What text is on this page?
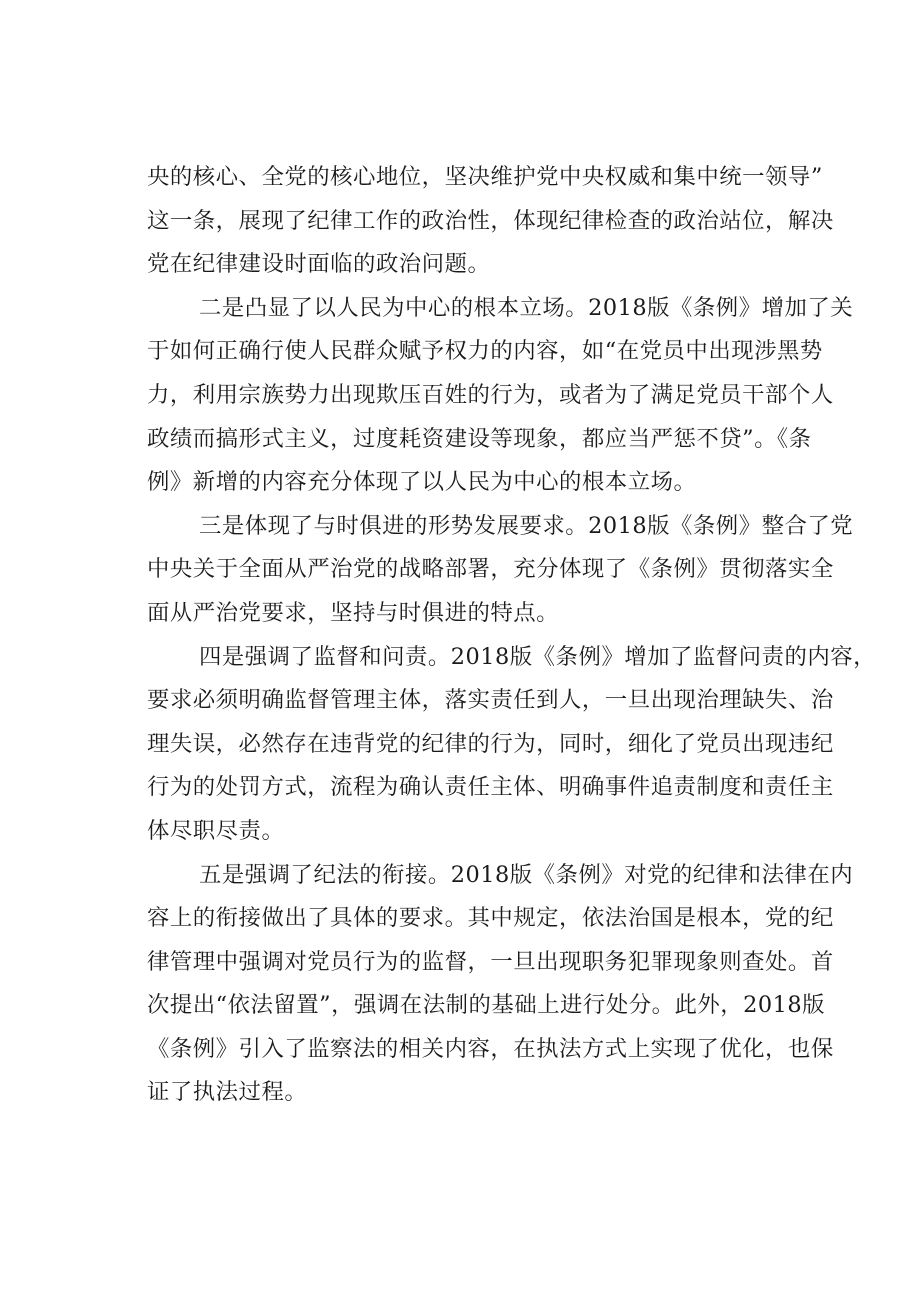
央的核心、全党的核心地位，坚决维护党中央权威和集中统一领导”
这一条，展现了纪律工作的政治性，体现纪律检查的政治站位，解决
党在纪律建设时面临的政治问题。
二是凸显了以人民为中心的根本立场。2018版《条例》增加了关
于如何正确行使人民群众赋予权力的内容，如“在党员中出现涉黑势
力，利用宗族势力出现欺压百姓的行为，或者为了满足党员干部个人
政绩而搞形式主义，过度耗资建设等现象，都应当严惩不贷”。《条
例》新增的内容充分体现了以人民为中心的根本立场。
三是体现了与时俱进的形势发展要求。2018版《条例》整合了党
中央关于全面从严治党的战略部署，充分体现了《条例》贯彻落实全
面从严治党要求，坚持与时俱进的特点。
四是强调了监督和问责。2018版《条例》增加了监督问责的内容，
要求必须明确监督管理主体，落实责任到人，一旦出现治理缺失、治
理失误，必然存在违背党的纪律的行为，同时，细化了党员出现违纪
行为的处罚方式，流程为确认责任主体、明确事件追责制度和责任主
体尽职尽责。
五是强调了纪法的衔接。2018版《条例》对党的纪律和法律在内
容上的衔接做出了具体的要求。其中规定，依法治国是根本，党的纪
律管理中强调对党员行为的监督，一旦出现职务犯罪现象则查处。首
次提出“依法留置”，强调在法制的基础上进行处分。此外，2018版
《条例》引入了监察法的相关内容，在执法方式上实现了优化，也保
证了执法过程。
